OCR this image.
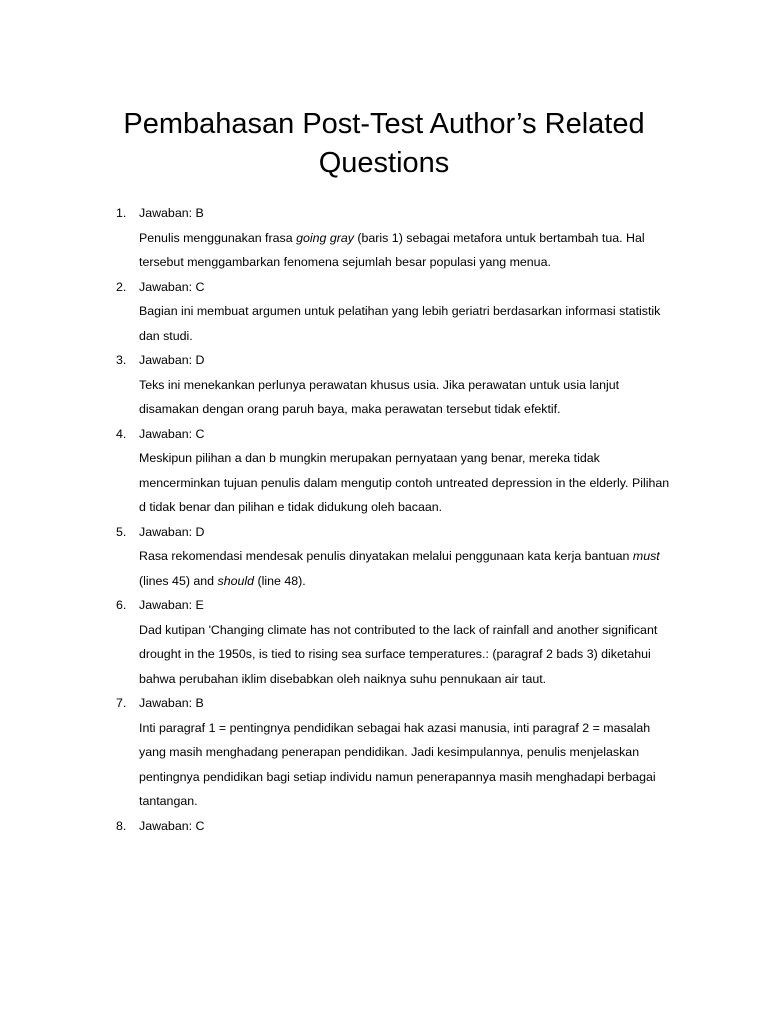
Pembahasan Post-Test Author’s Related Questions
1. Jawaban: B
Penulis menggunakan frasa going gray (baris 1) sebagai metafora untuk bertambah tua. Hal tersebut menggambarkan fenomena sejumlah besar populasi yang menua.
2. Jawaban: C
Bagian ini membuat argumen untuk pelatihan yang lebih geriatri berdasarkan informasi statistik dan studi.
3. Jawaban: D
Teks ini menekankan perlunya perawatan khusus usia. Jika perawatan untuk usia lanjut disamakan dengan orang paruh baya, maka perawatan tersebut tidak efektif.
4. Jawaban: C
Meskipun pilihan a dan b mungkin merupakan pernyataan yang benar, mereka tidak mencerminkan tujuan penulis dalam mengutip contoh untreated depression in the elderly. Pilihan d tidak benar dan pilihan e tidak didukung oleh bacaan.
5. Jawaban: D
Rasa rekomendasi mendesak penulis dinyatakan melalui penggunaan kata kerja bantuan must (lines 45) and should (line 48).
6. Jawaban: E
Dad kutipan 'Changing climate has not contributed to the lack of rainfall and another significant drought in the 1950s, is tied to rising sea surface temperatures.: (paragraf 2 bads 3) diketahui bahwa perubahan iklim disebabkan oleh naiknya suhu pennukaan air taut.
7. Jawaban: B
Inti paragraf 1 = pentingnya pendidikan sebagai hak azasi manusia, inti paragraf 2 = masalah yang masih menghadang penerapan pendidikan. Jadi kesimpulannya, penulis menjelaskan pentingnya pendidikan bagi setiap individu namun penerapannya masih menghadapi berbagai tantangan.
8. Jawaban: C
